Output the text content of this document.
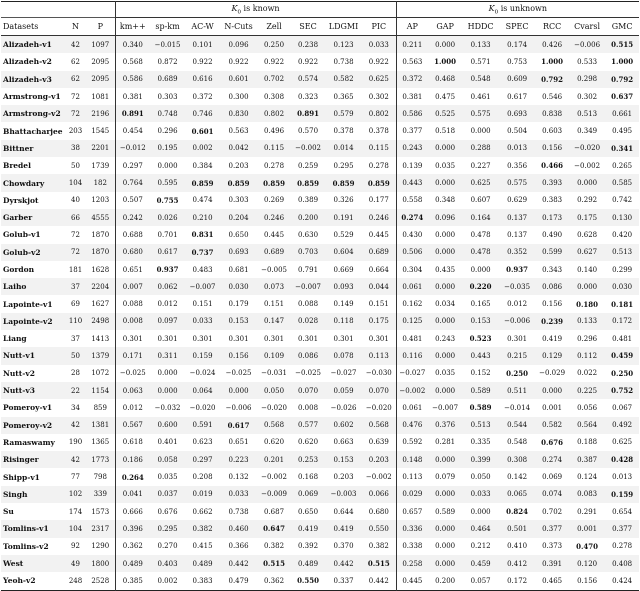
			$K_0$ is known								$K_0$ is unknown						
Datasets	N	P	km++	sp-km	AC-W	N-Cuts	Zell	SEC	LDGMI	PIC	AP	GAP	HDDC	SPEC	RCC	Cvarsl	GMC
Alizadeh-v1	42	1097	0.340	−0.015	0.101	0.096	0.250	0.238	0.123	0.033	0.211	0.000	0.133	0.174	0.426	−0.006	0.515
Alizadeh-v2	62	2095	0.568	0.872	0.922	0.922	0.922	0.922	0.738	0.922	0.563	1.000	0.571	0.753	1.000	0.533	1.000
Alizadeh-v3	62	2095	0.586	0.689	0.616	0.601	0.702	0.574	0.582	0.625	0.372	0.468	0.548	0.609	0.792	0.298	0.792
Armstrong-v1	72	1081	0.381	0.303	0.372	0.300	0.308	0.323	0.365	0.302	0.381	0.475	0.461	0.617	0.546	0.302	0.637
Armstrong-v2	72	2196	0.891	0.748	0.746	0.830	0.802	0.891	0.579	0.802	0.586	0.525	0.575	0.693	0.838	0.513	0.661
Bhattacharjee	203	1545	0.454	0.296	0.601	0.563	0.496	0.570	0.378	0.378	0.377	0.518	0.000	0.504	0.603	0.349	0.495
Bittner	38	2201	−0.012	0.195	0.002	0.042	0.115	−0.002	0.014	0.115	0.243	0.000	0.288	0.013	0.156	−0.020	0.341
Bredel	50	1739	0.297	0.000	0.384	0.203	0.278	0.259	0.295	0.278	0.139	0.035	0.227	0.356	0.466	−0.002	0.265
Chowdary	104	182	0.764	0.595	0.859	0.859	0.859	0.859	0.859	0.859	0.443	0.000	0.625	0.575	0.393	0.000	0.585
Dyrskjot	40	1203	0.507	0.755	0.474	0.303	0.269	0.389	0.326	0.177	0.558	0.348	0.607	0.629	0.383	0.292	0.742
Garber	66	4555	0.242	0.026	0.210	0.204	0.246	0.200	0.191	0.246	0.274	0.096	0.164	0.137	0.173	0.175	0.130
Golub-v1	72	1870	0.688	0.701	0.831	0.650	0.445	0.630	0.529	0.445	0.430	0.000	0.478	0.137	0.490	0.628	0.420
Golub-v2	72	1870	0.680	0.617	0.737	0.693	0.689	0.703	0.604	0.689	0.506	0.000	0.478	0.352	0.599	0.627	0.513
Gordon	181	1628	0.651	0.937	0.483	0.681	−0.005	0.791	0.669	0.664	0.304	0.435	0.000	0.937	0.343	0.140	0.299
Laiho	37	2204	0.007	0.062	−0.007	0.030	0.073	−0.007	0.093	0.044	0.061	0.000	0.220	−0.035	0.086	0.000	0.030
Lapointe-v1	69	1627	0.088	0.012	0.151	0.179	0.151	0.088	0.149	0.151	0.162	0.034	0.165	0.012	0.156	0.180	0.181
Lapointe-v2	110	2498	0.008	0.097	0.033	0.153	0.147	0.028	0.118	0.175	0.125	0.000	0.153	−0.006	0.239	0.133	0.172
Liang	37	1413	0.301	0.301	0.301	0.301	0.301	0.301	0.301	0.301	0.481	0.243	0.523	0.301	0.419	0.296	0.481
Nutt-v1	50	1379	0.171	0.311	0.159	0.156	0.109	0.086	0.078	0.113	0.116	0.000	0.443	0.215	0.129	0.112	0.459
Nutt-v2	28	1072	−0.025	0.000	−0.024	−0.025	−0.031	−0.025	−0.027	−0.030	−0.027	0.035	0.152	0.250	−0.029	0.022	0.250
Nutt-v3	22	1154	0.063	0.000	0.064	0.000	0.050	0.070	0.059	0.070	−0.002	0.000	0.589	0.511	0.000	0.225	0.752
Pomeroy-v1	34	859	0.012	−0.032	−0.020	−0.006	−0.020	0.008	−0.026	−0.020	0.061	−0.007	0.589	−0.014	0.001	0.056	0.067
Pomeroy-v2	42	1381	0.567	0.600	0.591	0.617	0.568	0.577	0.602	0.568	0.476	0.376	0.513	0.544	0.582	0.564	0.492
Ramaswamy	190	1365	0.618	0.401	0.623	0.651	0.620	0.620	0.663	0.639	0.592	0.281	0.335	0.548	0.676	0.188	0.625
Risinger	42	1773	0.186	0.058	0.297	0.223	0.201	0.253	0.153	0.203	0.148	0.000	0.399	0.308	0.274	0.387	0.428
Shipp-v1	77	798	0.264	0.035	0.208	0.132	−0.002	0.168	0.203	−0.002	0.113	0.079	0.050	0.142	0.069	0.124	0.013
Singh	102	339	0.041	0.037	0.019	0.033	−0.009	0.069	−0.003	0.066	0.029	0.000	0.033	0.065	0.074	0.083	0.159
Su	174	1573	0.666	0.676	0.662	0.738	0.687	0.650	0.644	0.680	0.657	0.589	0.000	0.824	0.702	0.291	0.654
Tomlins-v1	104	2317	0.396	0.295	0.382	0.460	0.647	0.419	0.419	0.550	0.336	0.000	0.464	0.501	0.377	0.001	0.377
Tomlins-v2	92	1290	0.362	0.270	0.415	0.366	0.382	0.392	0.370	0.382	0.338	0.000	0.212	0.410	0.373	0.470	0.278
West	49	1800	0.489	0.403	0.489	0.442	0.515	0.489	0.442	0.515	0.258	0.000	0.459	0.412	0.391	0.120	0.408
Yeoh-v2	248	2528	0.385	0.002	0.383	0.479	0.362	0.550	0.337	0.442	0.445	0.200	0.057	0.172	0.465	0.156	0.424
